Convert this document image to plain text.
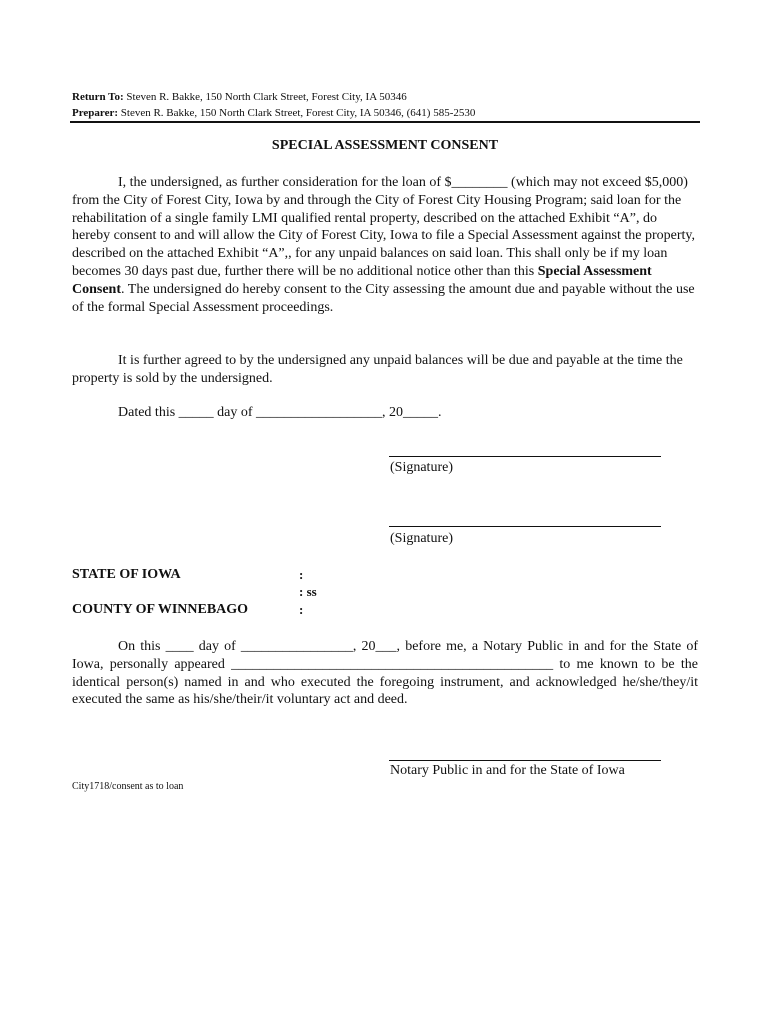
Return To: Steven R. Bakke, 150 North Clark Street, Forest City, IA 50346
Preparer: Steven R. Bakke, 150 North Clark Street, Forest City, IA 50346, (641) 585-2530
SPECIAL ASSESSMENT CONSENT

I, the undersigned, as further consideration for the loan of $________ (which may not exceed $5,000) from the City of Forest City, Iowa by and through the City of Forest City Housing Program; said loan for the rehabilitation of a single family LMI qualified rental property, described on the attached Exhibit “A”, do hereby consent to and will allow the City of Forest City, Iowa to file a Special Assessment against the property, described on the attached Exhibit “A”,, for any unpaid balances on said loan. This shall only be if my loan becomes 30 days past due, further there will be no additional notice other than this Special Assessment Consent. The undersigned do hereby consent to the City assessing the amount due and payable without the use of the formal Special Assessment proceedings.

It is further agreed to by the undersigned any unpaid balances will be due and payable at the time the property is sold by the undersigned.

Dated this _____ day of __________________, 20_____.
(Signature)
(Signature)
STATE OF IOWA
COUNTY OF WINNEBAGO
:
: ss
:

On this ____ day of ________________, 20___, before me, a Notary Public in and for the State of Iowa, personally appeared ______________________________________________ to me known to be the identical person(s) named in and who executed the foregoing instrument, and acknowledged he/she/they/it executed the same as his/she/their/it voluntary act and deed.

Notary Public in and for the State of Iowa
City1718/consent as to loan
